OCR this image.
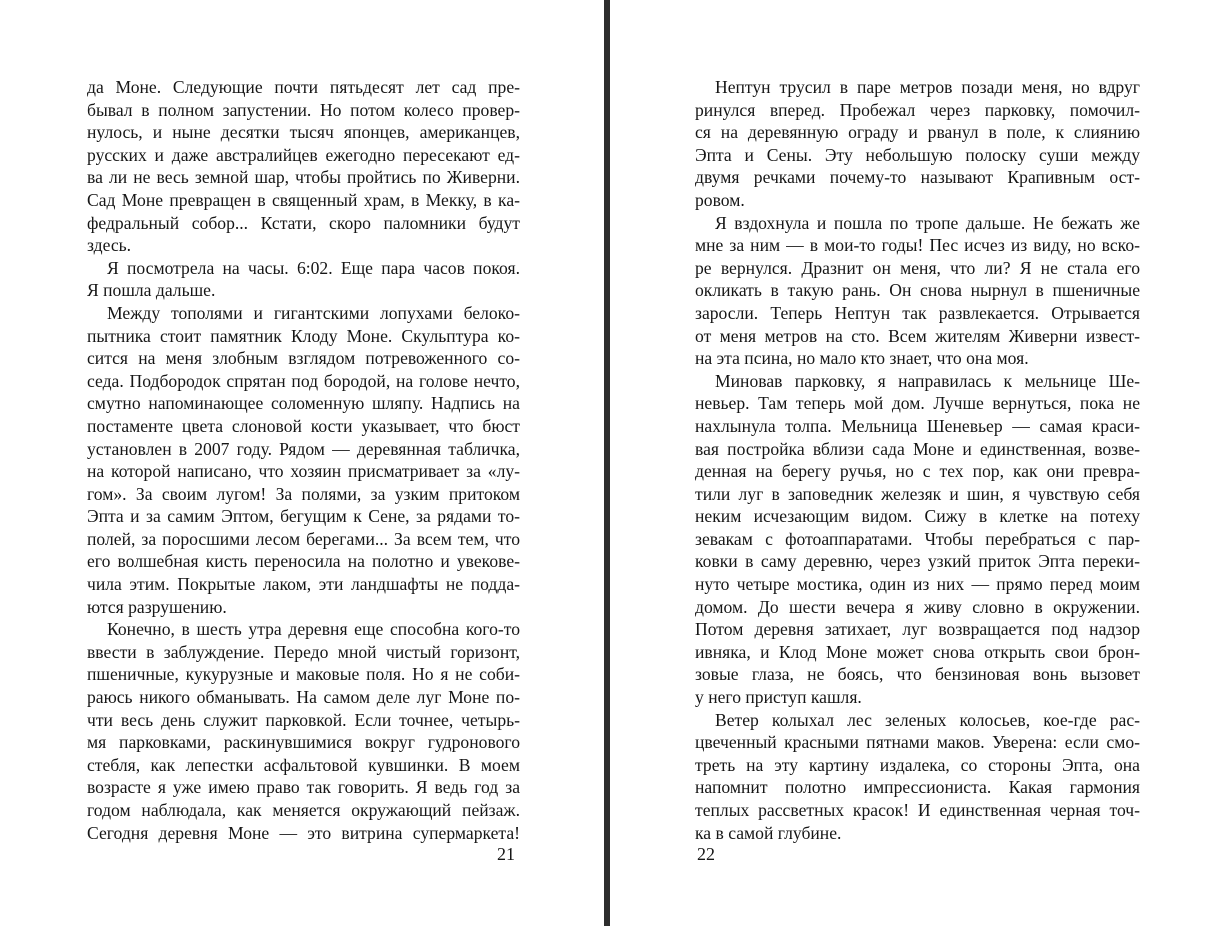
да Моне. Следующие почти пятьдесят лет сад пре-
бывал в полном запустении. Но потом колесо провер-
нулось, и ныне десятки тысяч японцев, американцев,
русских и даже австралийцев ежегодно пересекают ед-
ва ли не весь земной шар, чтобы пройтись по Живерни.
Сад Моне превращен в священный храм, в Мекку, в ка-
федральный собор... Кстати, скоро паломники будут
здесь.
Я посмотрела на часы. 6:02. Еще пара часов покоя.
Я пошла дальше.
Между тополями и гигантскими лопухами белоко-
пытника стоит памятник Клоду Моне. Скульптура ко-
сится на меня злобным взглядом потревоженного со-
седа. Подбородок спрятан под бородой, на голове нечто,
смутно напоминающее соломенную шляпу. Надпись на
постаменте цвета слоновой кости указывает, что бюст
установлен в 2007 году. Рядом — деревянная табличка,
на которой написано, что хозяин присматривает за «лу-
гом». За своим лугом! За полями, за узким притоком
Эпта и за самим Эптом, бегущим к Сене, за рядами то-
полей, за поросшими лесом берегами... За всем тем, что
его волшебная кисть переносила на полотно и увекове-
чила этим. Покрытые лаком, эти ландшафты не подда-
ются разрушению.
Конечно, в шесть утра деревня еще способна кого-то
ввести в заблуждение. Передо мной чистый горизонт,
пшеничные, кукурузные и маковые поля. Но я не соби-
раюсь никого обманывать. На самом деле луг Моне по-
чти весь день служит парковкой. Если точнее, четырь-
мя парковками, раскинувшимися вокруг гудронового
стебля, как лепестки асфальтовой кувшинки. В моем
возрасте я уже имею право так говорить. Я ведь год за
годом наблюдала, как меняется окружающий пейзаж.
Сегодня деревня Моне — это витрина супермаркета!
21
Нептун трусил в паре метров позади меня, но вдруг
ринулся вперед. Пробежал через парковку, помочил-
ся на деревянную ограду и рванул в поле, к слиянию
Эпта и Сены. Эту небольшую полоску суши между
двумя речками почему-то называют Крапивным ост-
ровом.
Я вздохнула и пошла по тропе дальше. Не бежать же
мне за ним — в мои-то годы! Пес исчез из виду, но вско-
ре вернулся. Дразнит он меня, что ли? Я не стала его
окликать в такую рань. Он снова нырнул в пшеничные
заросли. Теперь Нептун так развлекается. Отрывается
от меня метров на сто. Всем жителям Живерни извест-
на эта псина, но мало кто знает, что она моя.
Миновав парковку, я направилась к мельнице Ше-
невьер. Там теперь мой дом. Лучше вернуться, пока не
нахлынула толпа. Мельница Шеневьер — самая краси-
вая постройка вблизи сада Моне и единственная, возве-
денная на берегу ручья, но с тех пор, как они превра-
тили луг в заповедник железяк и шин, я чувствую себя
неким исчезающим видом. Сижу в клетке на потеху
зевакам с фотоаппаратами. Чтобы перебраться с пар-
ковки в саму деревню, через узкий приток Эпта переки-
нуто четыре мостика, один из них — прямо перед моим
домом. До шести вечера я живу словно в окружении.
Потом деревня затихает, луг возвращается под надзор
ивняка, и Клод Моне может снова открыть свои брон-
зовые глаза, не боясь, что бензиновая вонь вызовет
у него приступ кашля.
Ветер колыхал лес зеленых колосьев, кое-где рас-
цвеченный красными пятнами маков. Уверена: если смо-
треть на эту картину издалека, со стороны Эпта, она
напомнит полотно импрессиониста. Какая гармония
теплых рассветных красок! И единственная черная точ-
ка в самой глубине.
22
